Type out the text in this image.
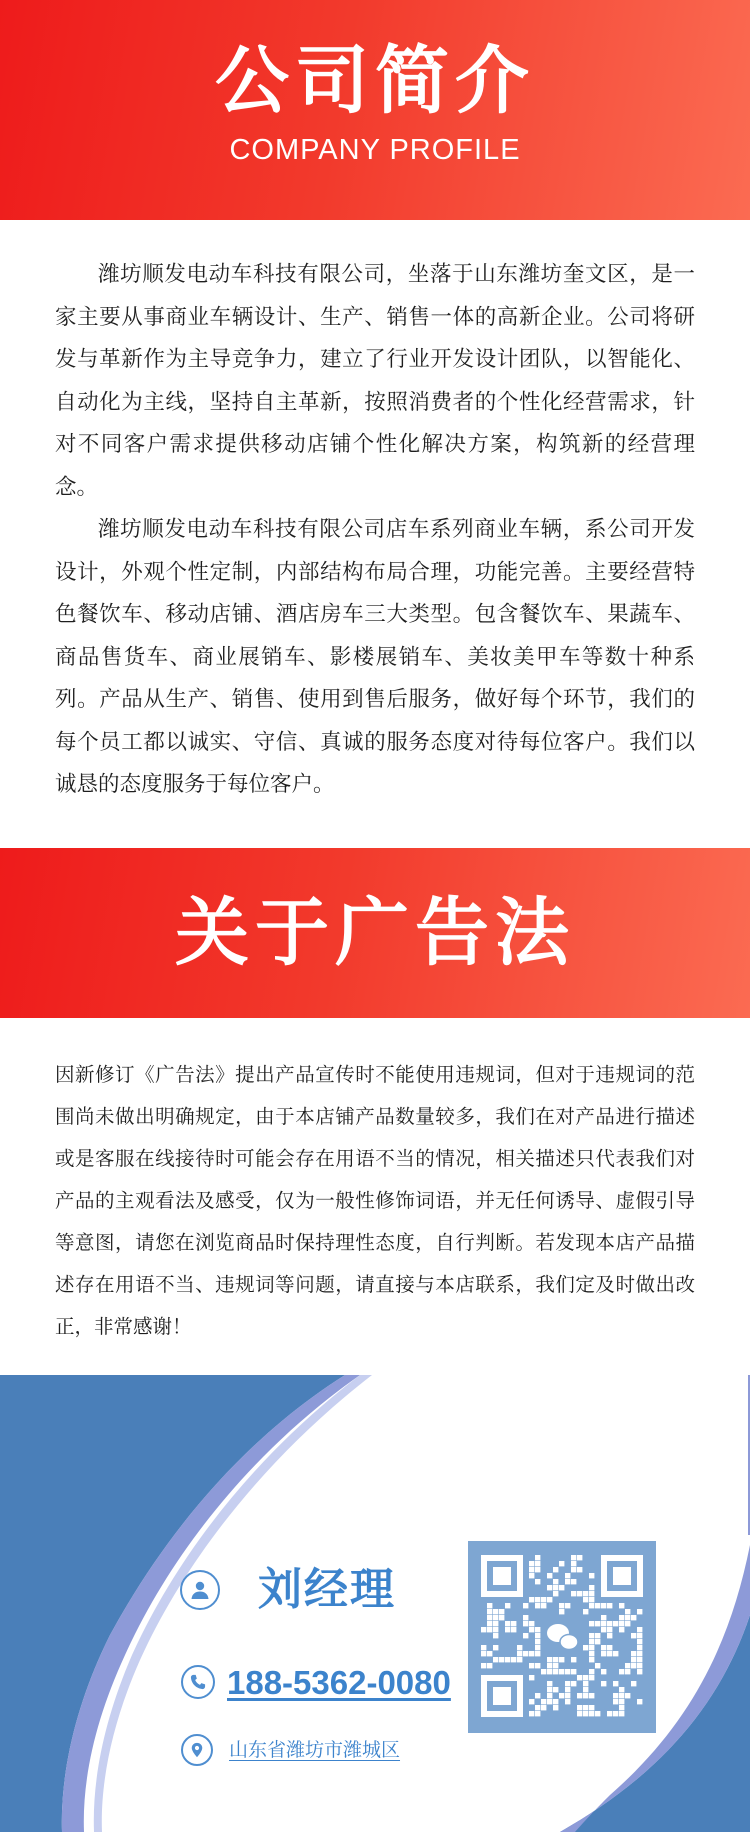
公司简介
COMPANY PROFILE

潍坊顺发电动车科技有限公司，坐落于山东潍坊奎文区，是一家主要从事商业车辆设计、生产、销售一体的高新企业。公司将研发与革新作为主导竞争力，建立了行业开发设计团队，以智能化、自动化为主线，坚持自主革新，按照消费者的个性化经营需求，针对不同客户需求提供移动店铺个性化解决方案，构筑新的经营理念。

潍坊顺发电动车科技有限公司店车系列商业车辆，系公司开发设计，外观个性定制，内部结构布局合理，功能完善。主要经营特色餐饮车、移动店铺、酒店房车三大类型。包含餐饮车、果蔬车、商品售货车、商业展销车、影楼展销车、美妆美甲车等数十种系列。产品从生产、销售、使用到售后服务，做好每个环节，我们的每个员工都以诚实、守信、真诚的服务态度对待每位客户。我们以诚恳的态度服务于每位客户。

关于广告法
因新修订《广告法》提出产品宣传时不能使用违规词，但对于违规词的范围尚未做出明确规定，由于本店铺产品数量较多，我们在对产品进行描述或是客服在线接待时可能会存在用语不当的情况，相关描述只代表我们对产品的主观看法及感受，仅为一般性修饰词语，并无任何诱导、虚假引导等意图，请您在浏览商品时保持理性态度，自行判断。若发现本店产品描述存在用语不当、违规词等问题，请直接与本店联系，我们定及时做出改正，非常感谢！
刘经理
188-5362-0080
山东省潍坊市潍城区
